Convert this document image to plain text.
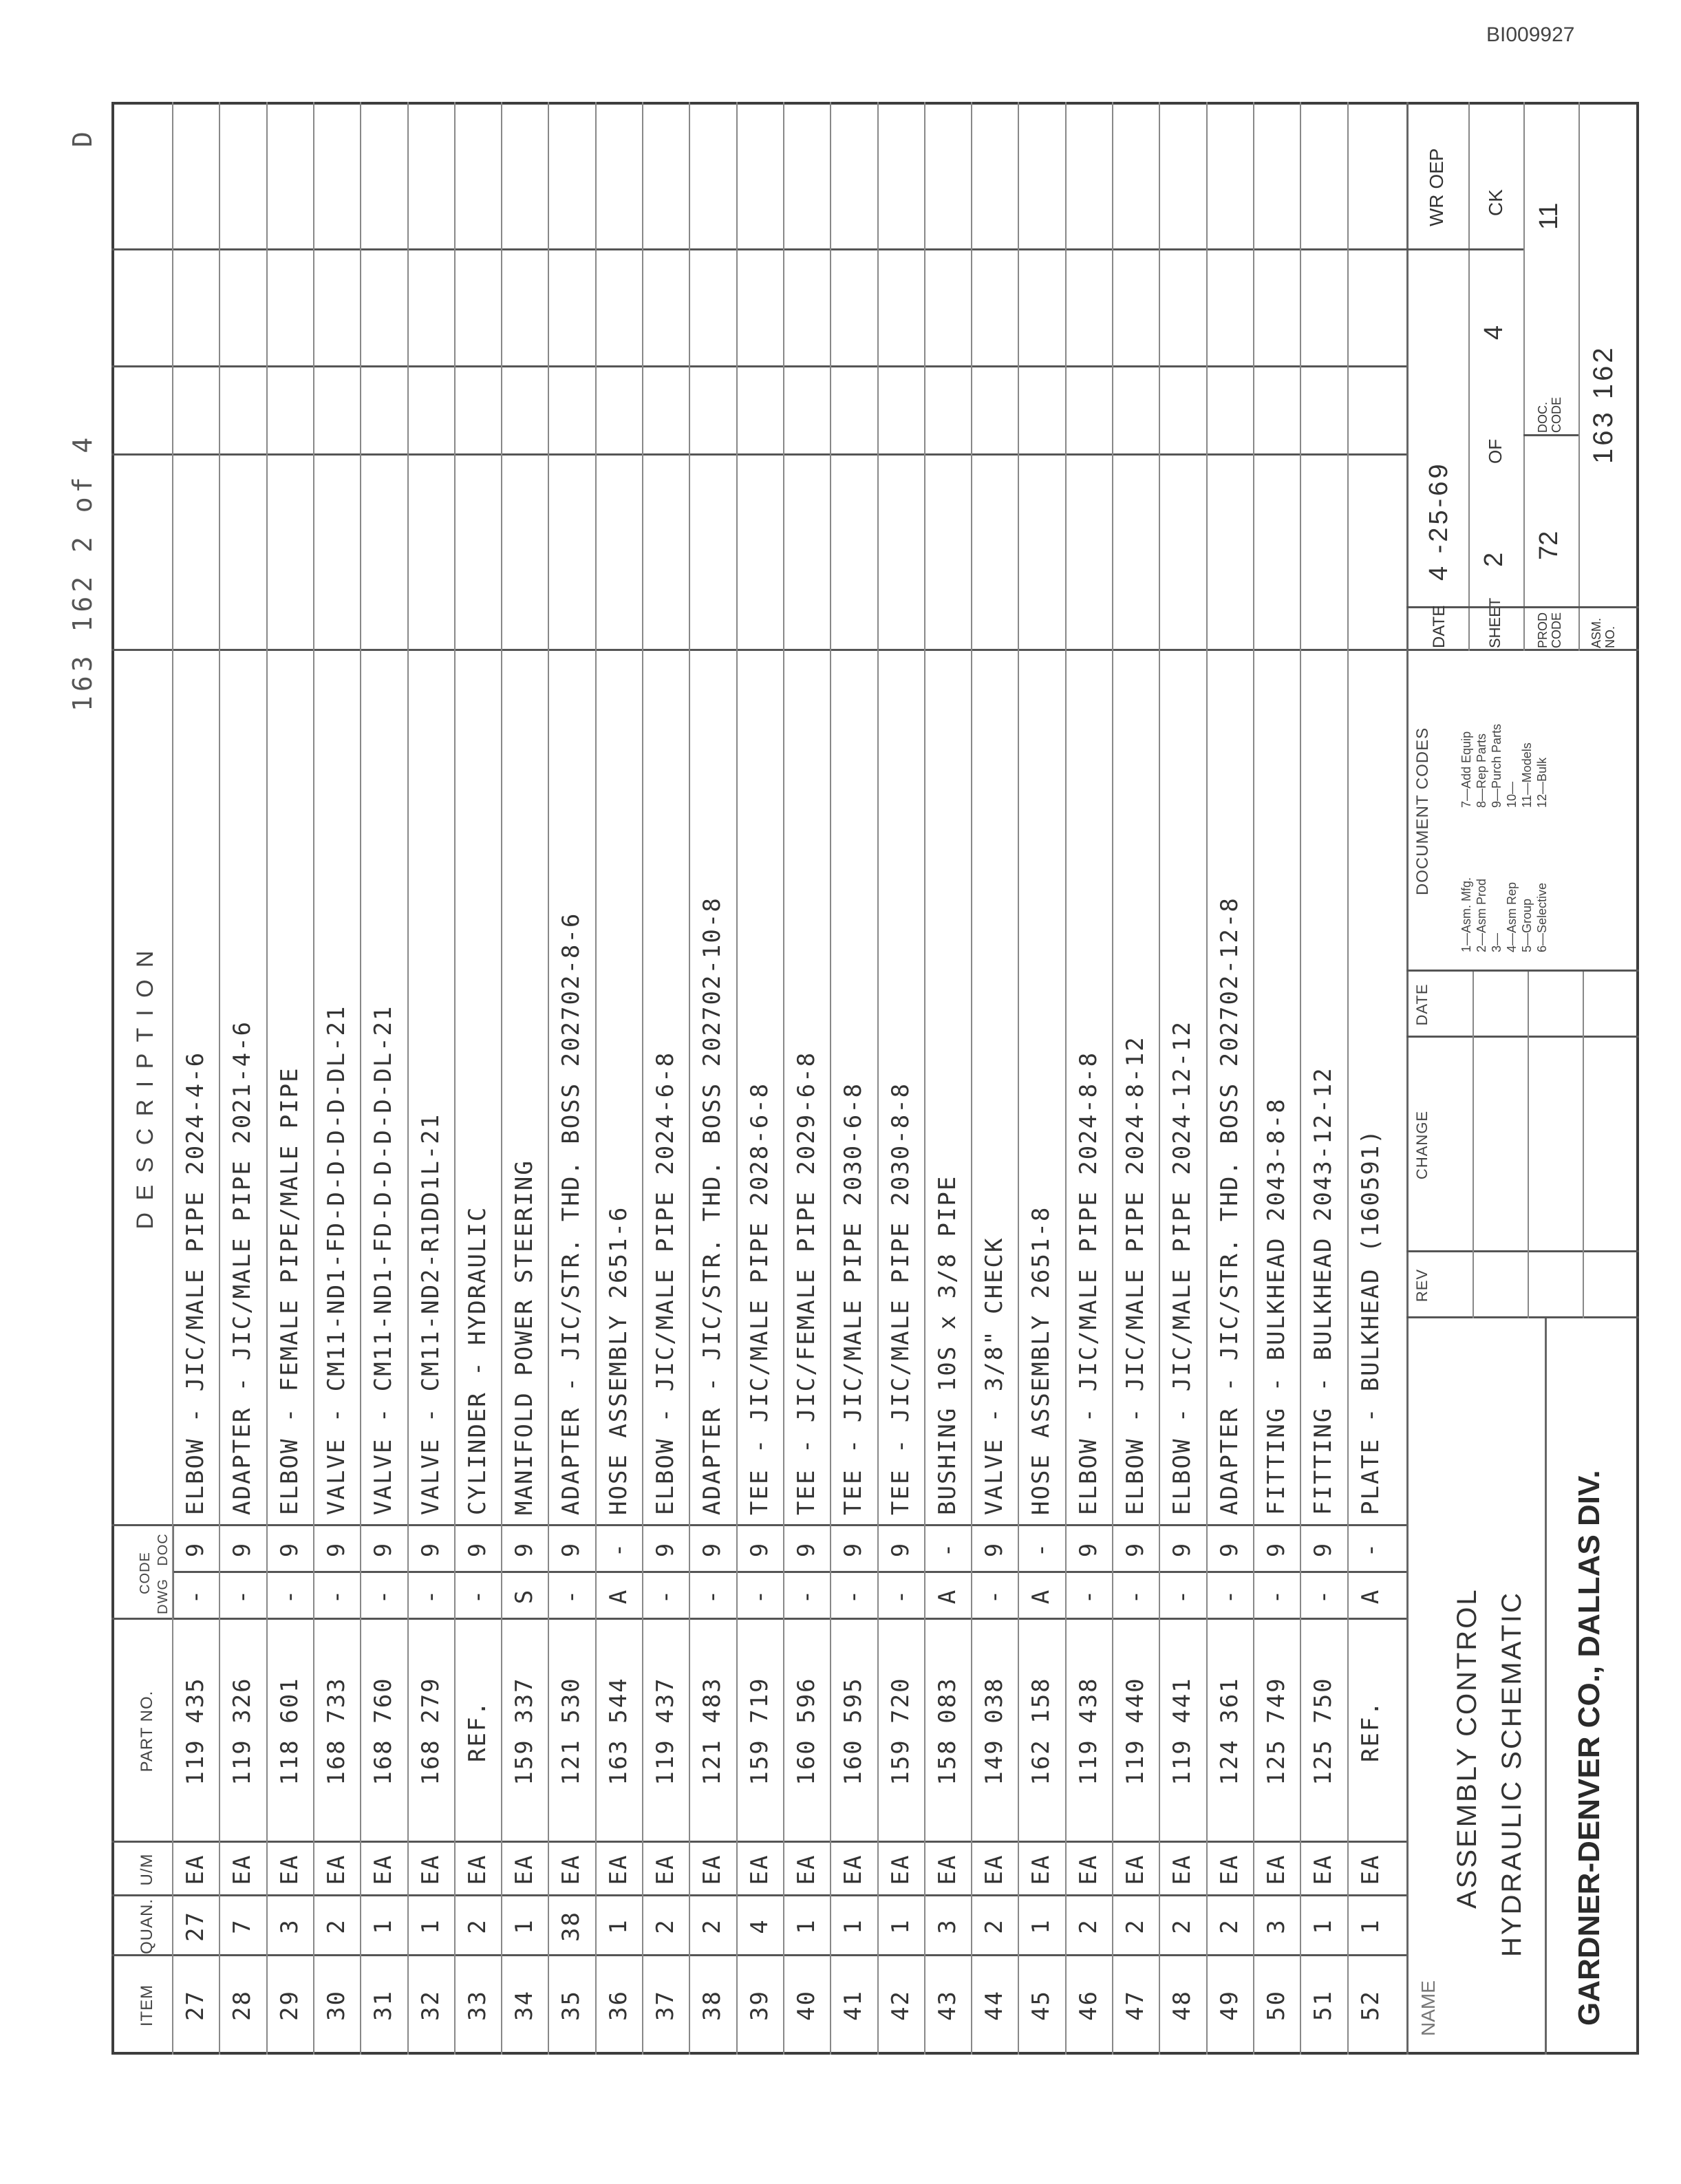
BI009927
163 162 2 of 4
D
ITEM
QUAN.
U/M
PART NO.
CODE
DWG
DOC
D E S C R I P T I O N
NAME
ASSEMBLY CONTROL HYDRAULIC SCHEMATIC GARDNER-DENVER CO., DALLAS DIV.
REV
CHANGE
DATE
DOCUMENT CODES
1—Asm. Mfg.
2—Asm Prod
3—
4—Asm Rep
5—Group
6—Selective
7—Add Equip
8—Rep Parts
9—Purch Parts
10—
11—Models
12—Bulk
DATE
4 -25-69
WR OEP
SHEET
2
OF
4
CK
PROD CODE
72
DOC. CODE
11
ASM. NO.
163 162
27
27
EA
119 435
-
9
ELBOW - JIC/MALE PIPE 2024-4-6
28
7
EA
119 326
-
9
ADAPTER - JIC/MALE PIPE 2021-4-6
29
3
EA
118 601
-
9
ELBOW - FEMALE PIPE/MALE PIPE
30
2
EA
168 733
-
9
VALVE - CM11-ND1-FD-D-D-D-D-DL-21
31
1
EA
168 760
-
9
VALVE - CM11-ND1-FD-D-D-D-D-DL-21
32
1
EA
168 279
-
9
VALVE - CM11-ND2-R1DD1L-21
33
2
EA
REF.
-
9
CYLINDER - HYDRAULIC
34
1
EA
159 337
S
9
MANIFOLD POWER STEERING
35
38
EA
121 530
-
9
ADAPTER - JIC/STR. THD. BOSS 202702-8-6
36
1
EA
163 544
A
-
HOSE ASSEMBLY 2651-6
37
2
EA
119 437
-
9
ELBOW - JIC/MALE PIPE 2024-6-8
38
2
EA
121 483
-
9
ADAPTER - JIC/STR. THD. BOSS 202702-10-8
39
4
EA
159 719
-
9
TEE - JIC/MALE PIPE 2028-6-8
40
1
EA
160 596
-
9
TEE - JIC/FEMALE PIPE 2029-6-8
41
1
EA
160 595
-
9
TEE - JIC/MALE PIPE 2030-6-8
42
1
EA
159 720
-
9
TEE - JIC/MALE PIPE 2030-8-8
43
3
EA
158 083
A
-
BUSHING 10S x 3/8 PIPE
44
2
EA
149 038
-
9
VALVE - 3/8" CHECK
45
1
EA
162 158
A
-
HOSE ASSEMBLY 2651-8
46
2
EA
119 438
-
9
ELBOW - JIC/MALE PIPE 2024-8-8
47
2
EA
119 440
-
9
ELBOW - JIC/MALE PIPE 2024-8-12
48
2
EA
119 441
-
9
ELBOW - JIC/MALE PIPE 2024-12-12
49
2
EA
124 361
-
9
ADAPTER - JIC/STR. THD. BOSS 202702-12-8
50
3
EA
125 749
-
9
FITTING - BULKHEAD 2043-8-8
51
1
EA
125 750
-
9
FITTING - BULKHEAD 2043-12-12
52
1
EA
REF.
A
-
PLATE - BULKHEAD (160591)
